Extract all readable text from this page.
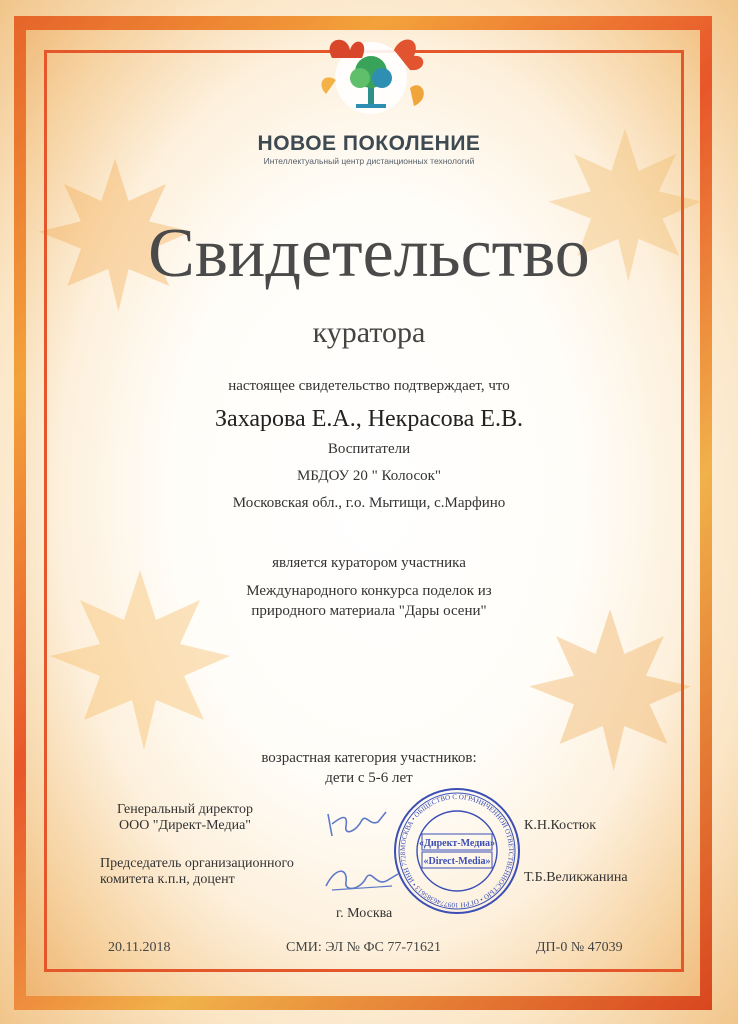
НОВОЕ ПОКОЛЕНИЕ
Интеллектуальный центр дистанционных технологий
Свидетельство
куратора
настоящее свидетельство подтверждает, что
Захарова Е.А., Некрасова Е.В.
Воспитатели
МБДОУ 20 " Колосок"
Московская обл., г.о. Мытищи, с.Марфино
является куратором участника
Международного конкурса поделок из
природного материала "Дары осени"
возрастная категория участников:
дети с 5-6 лет
Генеральный директор
ООО "Директ-Медиа"
Председатель организационного
комитета к.п.н, доцент
МОСКВА • ОБЩЕСТВО С ОГРАНИЧЕННОЙ ОТВЕТСТВЕННОСТЬЮ • ОГРН 1097746385613 • ИНН 7728
«Директ-Медиа»
«Direct-Media»
К.Н.Костюк
Т.Б.Великжанина
г. Москва
20.11.2018	СМИ: ЭЛ № ФС 77-71621	ДП-0 № 47039
